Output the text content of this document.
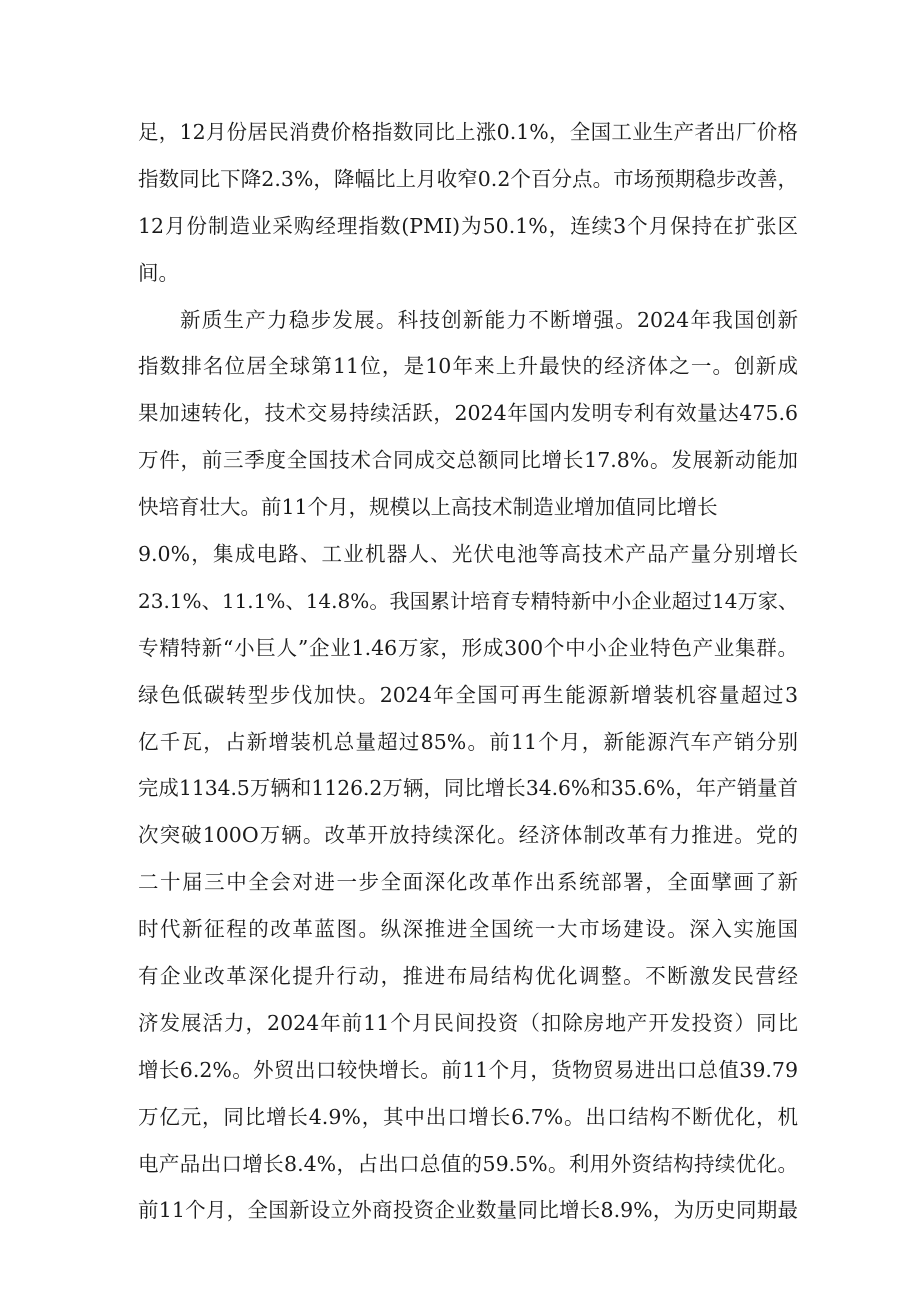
足，12月份居民消费价格指数同比上涨0.1%，全国工业生产者出厂价格
指数同比下降2.3%，降幅比上月收窄0.2个百分点。市场预期稳步改善，
12月份制造业采购经理指数(PMI)为50.1%，连续3个月保持在扩张区
间。
新质生产力稳步发展。科技创新能力不断增强。2024年我国创新
指数排名位居全球第11位，是10年来上升最快的经济体之一。创新成
果加速转化，技术交易持续活跃，2024年国内发明专利有效量达475.6
万件，前三季度全国技术合同成交总额同比增长17.8%。发展新动能加
快培育壮大。前11个月，规模以上高技术制造业增加值同比增长
9.0%，集成电路、工业机器人、光伏电池等高技术产品产量分别增长
23.1%、11.1%、14.8%。我国累计培育专精特新中小企业超过14万家、
专精特新“小巨人”企业1.46万家，形成300个中小企业特色产业集群。
绿色低碳转型步伐加快。2024年全国可再生能源新增装机容量超过3
亿千瓦，占新增装机总量超过85%。前11个月，新能源汽车产销分别
完成1134.5万辆和1126.2万辆，同比增长34.6%和35.6%，年产销量首
次突破100O万辆。改革开放持续深化。经济体制改革有力推进。党的
二十届三中全会对进一步全面深化改革作出系统部署，全面擘画了新
时代新征程的改革蓝图。纵深推进全国统一大市场建设。深入实施国
有企业改革深化提升行动，推进布局结构优化调整。不断激发民营经
济发展活力，2024年前11个月民间投资（扣除房地产开发投资）同比
增长6.2%。外贸出口较快增长。前11个月，货物贸易进出口总值39.79
万亿元，同比增长4.9%，其中出口增长6.7%。出口结构不断优化，机
电产品出口增长8.4%，占出口总值的59.5%。利用外资结构持续优化。
前11个月，全国新设立外商投资企业数量同比增长8.9%，为历史同期最
